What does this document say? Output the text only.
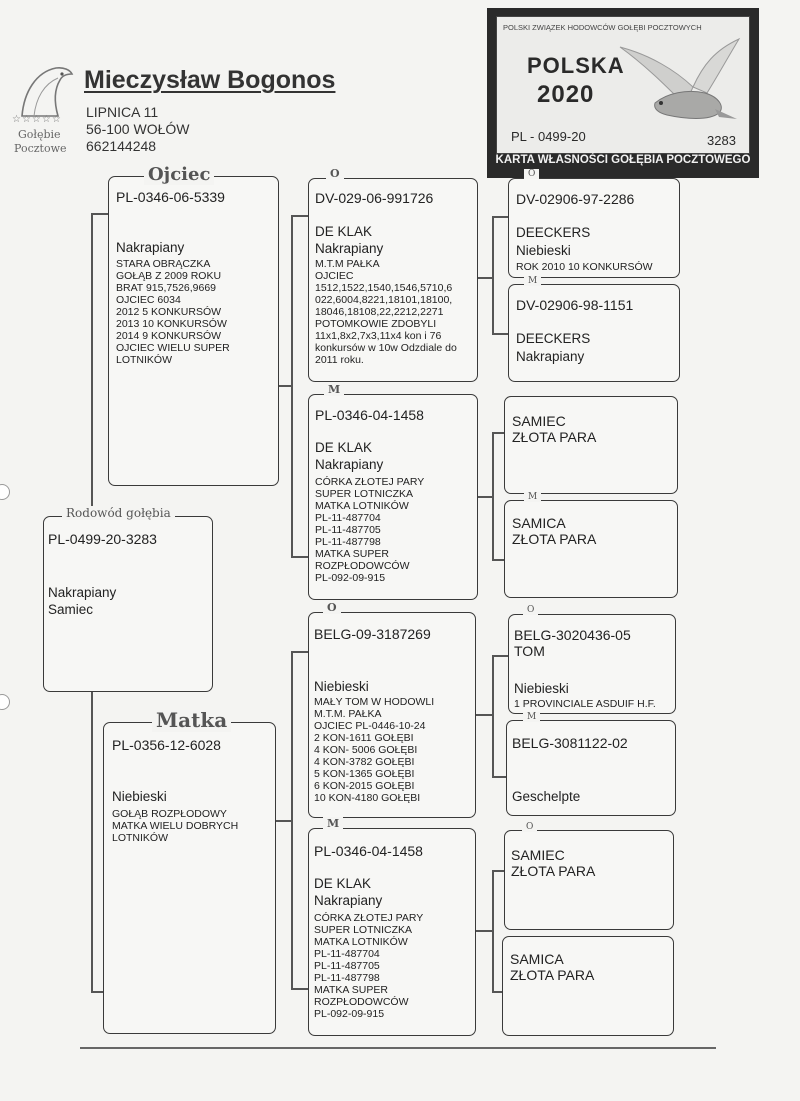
☆☆☆☆☆
Gołębie
Pocztowe
Mieczysław Bogonos
LIPNICA 11
56-100 WOŁÓW
662144248
POLSKI ZWIĄZEK HODOWCÓW GOŁĘBI POCZTOWYCH
POLSKA
2020
PL - 0499-20	3283
KARTA WŁASNOŚCI GOŁĘBIA POCZTOWEGO
PL-0499-20-3283
Nakrapiany
Samiec
Rodowód gołębia
PL-0346-06-5339
Nakrapiany
STARA OBRĄCZKA
GOŁĄB Z 2009 ROKU
BRAT 915,7526,9669
OJCIEC 6034
2012 5 KONKURSÓW
2013 10 KONKURSÓW
2014 9 KONKURSÓW
OJCIEC WIELU SUPER
LOTNIKÓW
Ojciec
PL-0356-12-6028
Niebieski
GOŁĄB ROZPŁODOWY
MATKA WIELU DOBRYCH
LOTNIKÓW
Matka
DV-029-06-991726
DE KLAK
Nakrapiany
M.T.M PAŁKA
OJCIEC
1512,1522,1540,1546,5710,6
022,6004,8221,18101,18100,
18046,18108,22,2212,2271
POTOMKOWIE ZDOBYLI
11x1,8x2,7x3,11x4 kon i 76
konkursów w 10w Odzdiale do
2011 roku.
O
PL-0346-04-1458
DE KLAK
Nakrapiany
CÓRKA ZŁOTEJ PARY
SUPER LOTNICZKA
MATKA LOTNIKÓW
PL-11-487704
PL-11-487705
PL-11-487798
MATKA SUPER
ROZPŁODOWCÓW
PL-092-09-915
M
BELG-09-3187269
Niebieski
MAŁY TOM W HODOWLI
M.T.M. PAŁKA
OJCIEC PL-0446-10-24
2 KON-1611 GOŁĘBI
4 KON- 5006 GOŁĘBI
4 KON-3782 GOŁĘBI
5 KON-1365 GOŁĘBI
6 KON-2015 GOŁĘBI
10 KON-4180 GOŁĘBI
O
PL-0346-04-1458
DE KLAK
Nakrapiany
CÓRKA ZŁOTEJ PARY
SUPER LOTNICZKA
MATKA LOTNIKÓW
PL-11-487704
PL-11-487705
PL-11-487798
MATKA SUPER
ROZPŁODOWCÓW
PL-092-09-915
M
DV-02906-97-2286
DEECKERS
Niebieski
ROK 2010 10 KONKURSÓW
O
DV-02906-98-1151
DEECKERS
Nakrapiany
M
SAMIEC
ZŁOTA PARA
SAMICA
ZŁOTA PARA
M
BELG-3020436-05
TOM
Niebieski
1 PROVINCIALE ASDUIF H.F.
O
BELG-3081122-02
Geschelpte
M
SAMIEC
ZŁOTA PARA
O
SAMICA
ZŁOTA PARA
